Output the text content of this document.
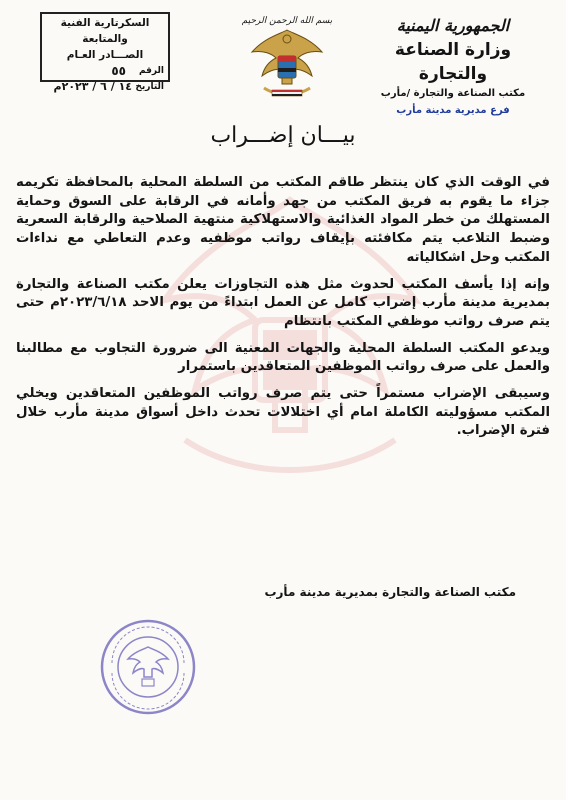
الجمهورية اليمنية
وزارة الصناعة والتجارة
مكتب الصناعة والتجارة /مأرب
فرع مديرية مدينة مأرب
بسم الله الرحمن الرحيم
السكرتارية الفنية والمتابعة
الصـــادر العـام
الرقم
٥٥
التاريخ
١٤ / ٦ / ٢٠٢٣م
بيـــان إضـــراب

في الوقت الذي كان ينتظر طاقم المكتب من السلطة المحلية بالمحافظة تكريمه جزاء ما يقوم به فريق المكتب من جهد وأمانه في الرقابة على السوق وحماية المستهلك من خطر المواد الغذائية والاستهلاكية منتهية الصلاحية والرقابة السعرية وضبط التلاعب يتم مكافئته بإيقاف رواتب موظفيه وعدم التعاطي مع نداءات المكتب وحل اشكالياته

وإنه إذا يأسف المكتب لحدوث مثل هذه التجاوزات يعلن مكتب الصناعة والتجارة بمديرية مدينة مأرب إضراب كامل عن العمل ابتداءً من يوم الاحد ٢٠٢٣/٦/١٨م حتى يتم صرف رواتب موظفي المكتب بانتظام

ويدعو المكتب السلطة المحلية والجهات المعنية الى ضرورة التجاوب مع مطالبنا والعمل على صرف رواتب الموظفين المتعاقدين باستمرار

وسيبقى الإضراب مستمراً حتى يتم صرف رواتب الموظفين المتعاقدين ويخلي المكتب مسؤوليته الكاملة امام أي اختلالات تحدث داخل أسواق مدينة مأرب خلال فترة الإضراب.

مكتب الصناعة والتجارة بمديرية مدينة مأرب
